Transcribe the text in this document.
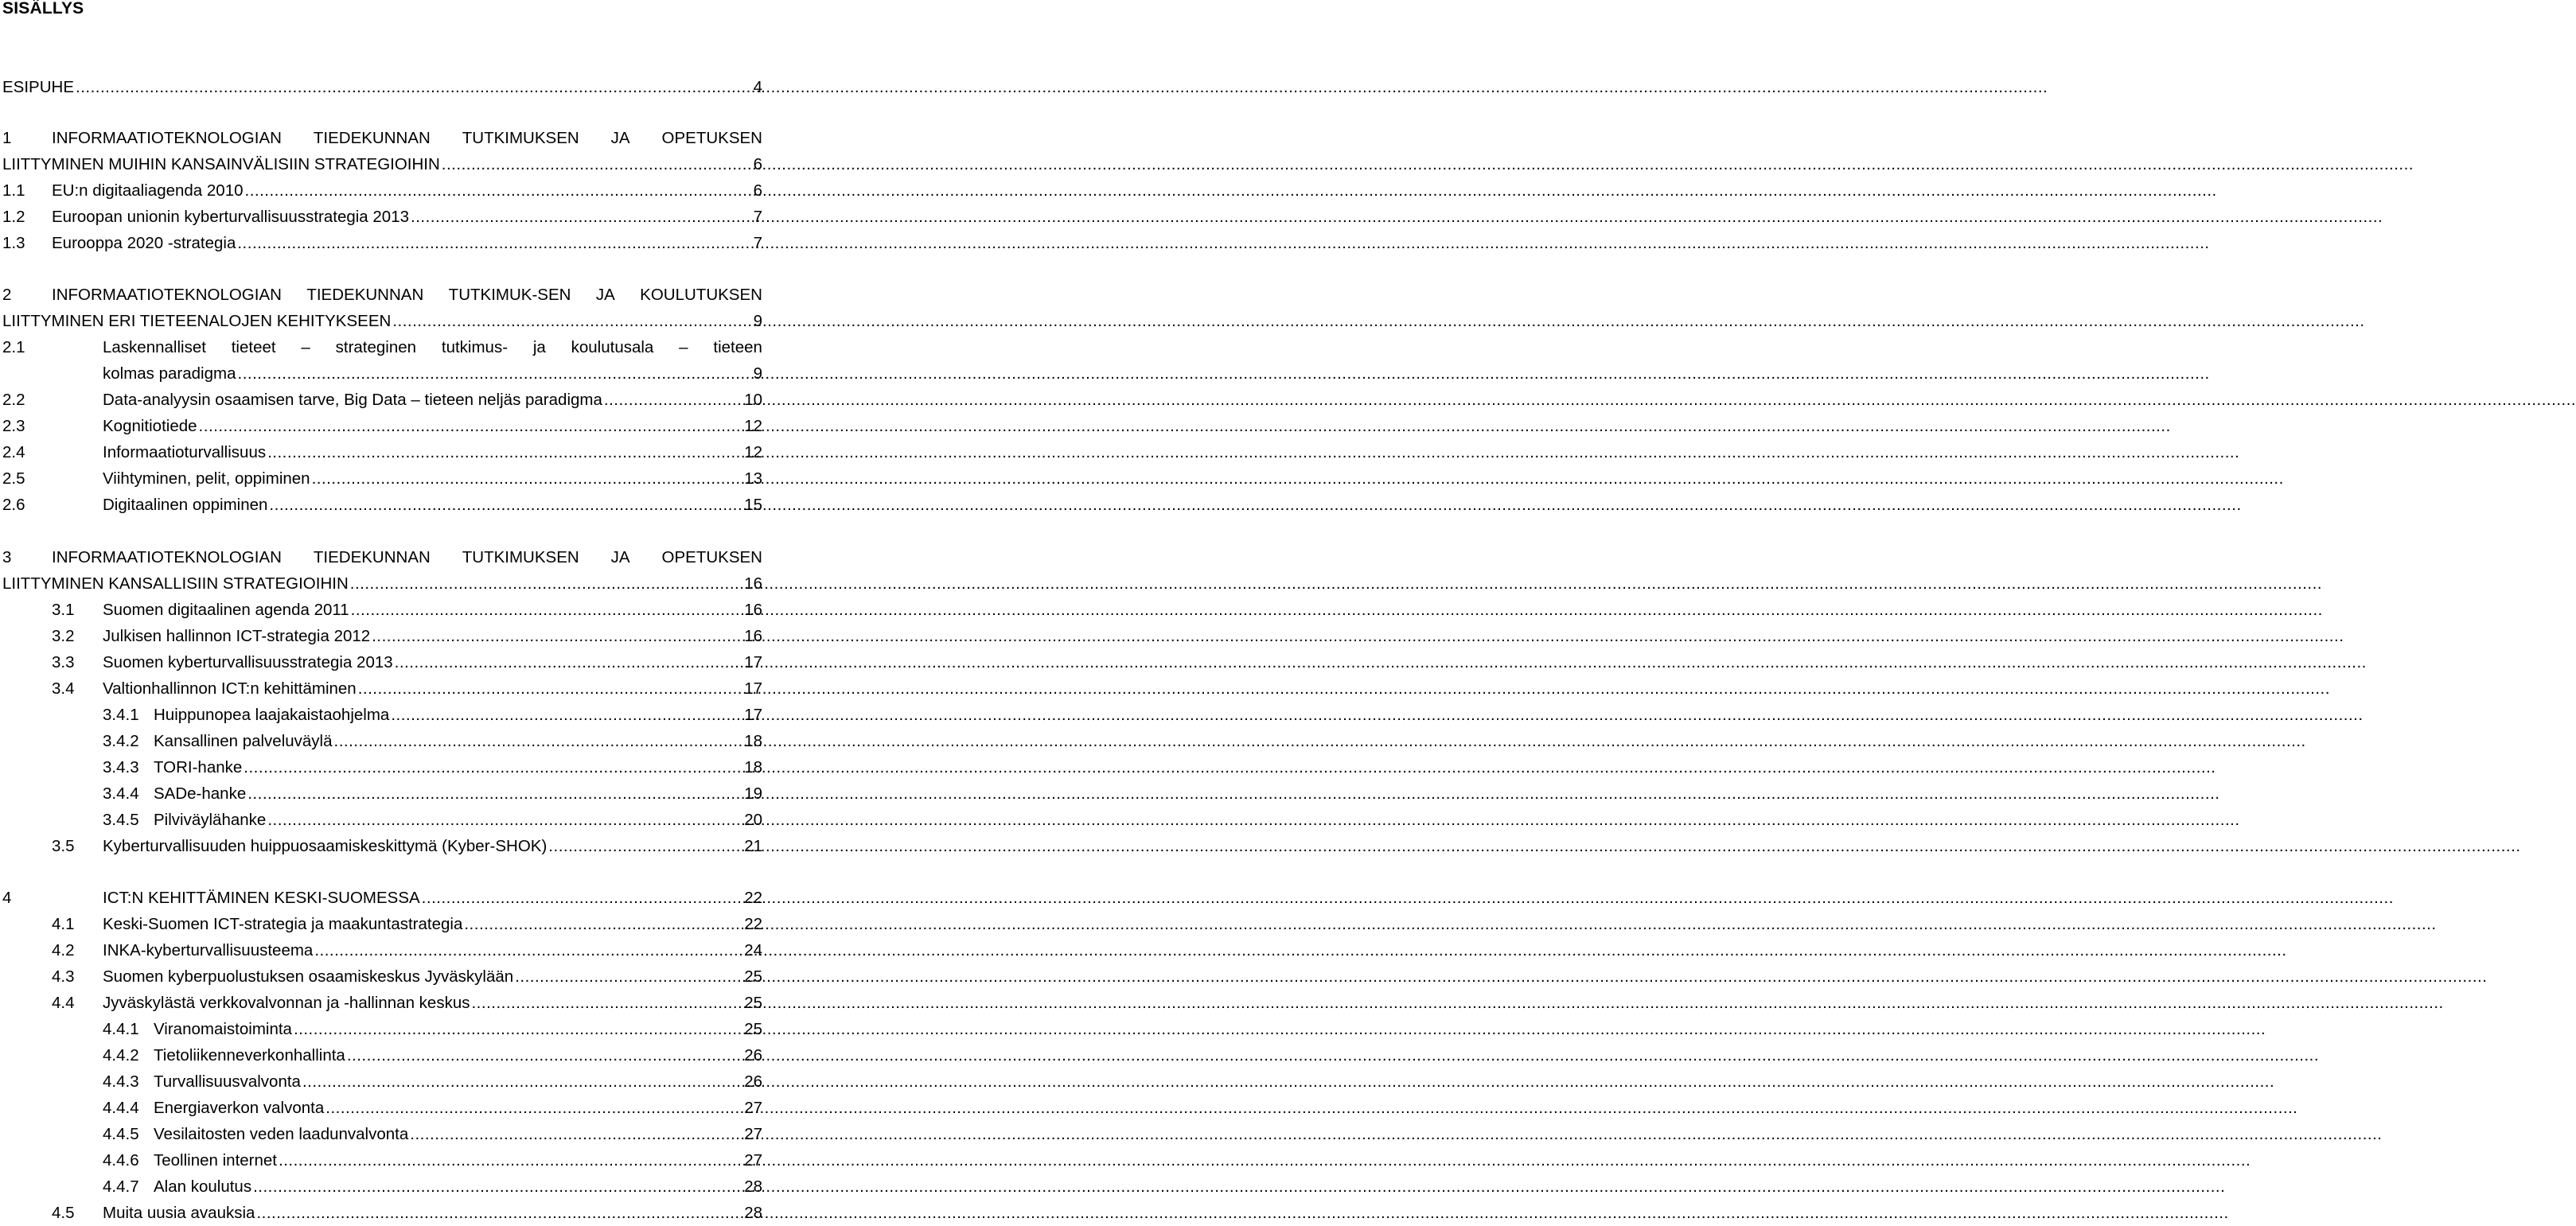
SISÄLLYS
ESIPUHE .....	4
1	INFORMAATIOTEKNOLOGIAN TIEDEKUNNAN TUTKIMUKSEN JA OPETUKSEN
LIITTYMINEN MUIHIN KANSAINVÄLISIIN STRATEGIOIHIN .....	6
1.1	EU:n digitaaliagenda 2010 .....	6
1.2	Euroopan unionin kyberturvallisuusstrategia 2013 .....	7
1.3	Eurooppa 2020 -strategia .....	7
2	INFORMAATIOTEKNOLOGIAN TIEDEKUNNAN TUTKIMUK-SEN JA KOULUTUKSEN
LIITTYMINEN ERI TIETEENALOJEN KEHITYKSEEN .....	9
2.1	Laskennalliset tieteet – strateginen tutkimus- ja koulutusala – tieteen
kolmas paradigma .....	9
2.2	Data-analyysin osaamisen tarve, Big Data – tieteen neljäs paradigma .....	10
2.3	Kognitiotiede .....	12
2.4	Informaatioturvallisuus .....	12
2.5	Viihtyminen, pelit, oppiminen .....	13
2.6	Digitaalinen oppiminen .....	15
3	INFORMAATIOTEKNOLOGIAN TIEDEKUNNAN TUTKIMUKSEN JA OPETUKSEN
LIITTYMINEN KANSALLISIIN STRATEGIOIHIN .....	16
3.1	Suomen digitaalinen agenda 2011 .....	16
3.2	Julkisen hallinnon ICT-strategia 2012 .....	16
3.3	Suomen kyberturvallisuusstrategia 2013 .....	17
3.4	Valtionhallinnon ICT:n kehittäminen .....	17
3.4.1 Huippunopea laajakaistaohjelma .....	17
3.4.2 Kansallinen palveluväylä .....	18
3.4.3 TORI-hanke .....	18
3.4.4 SADe-hanke .....	19
3.4.5 Pilviväylähanke .....	20
3.5	Kyberturvallisuuden huippuosaamiskeskittymä (Kyber-SHOK) .....	21
4	ICT:N KEHITTÄMINEN KESKI-SUOMESSA .....	22
4.1	Keski-Suomen ICT-strategia ja maakuntastrategia .....	22
4.2	INKA-kyberturvallisuusteema .....	24
4.3	Suomen kyberpuolustuksen osaamiskeskus Jyväskylään .....	25
4.4	Jyväskylästä verkkovalvonnan ja -hallinnan keskus .....	25
4.4.1 Viranomaistoiminta .....	25
4.4.2 Tietoliikenneverkonhallinta .....	26
4.4.3 Turvallisuusvalvonta .....	26
4.4.4 Energiaverkon valvonta .....	27
4.4.5 Vesilaitosten veden laadunvalvonta .....	27
4.4.6 Teollinen internet .....	27
4.4.7 Alan koulutus .....	28
4.5	Muita uusia avauksia .....	28
